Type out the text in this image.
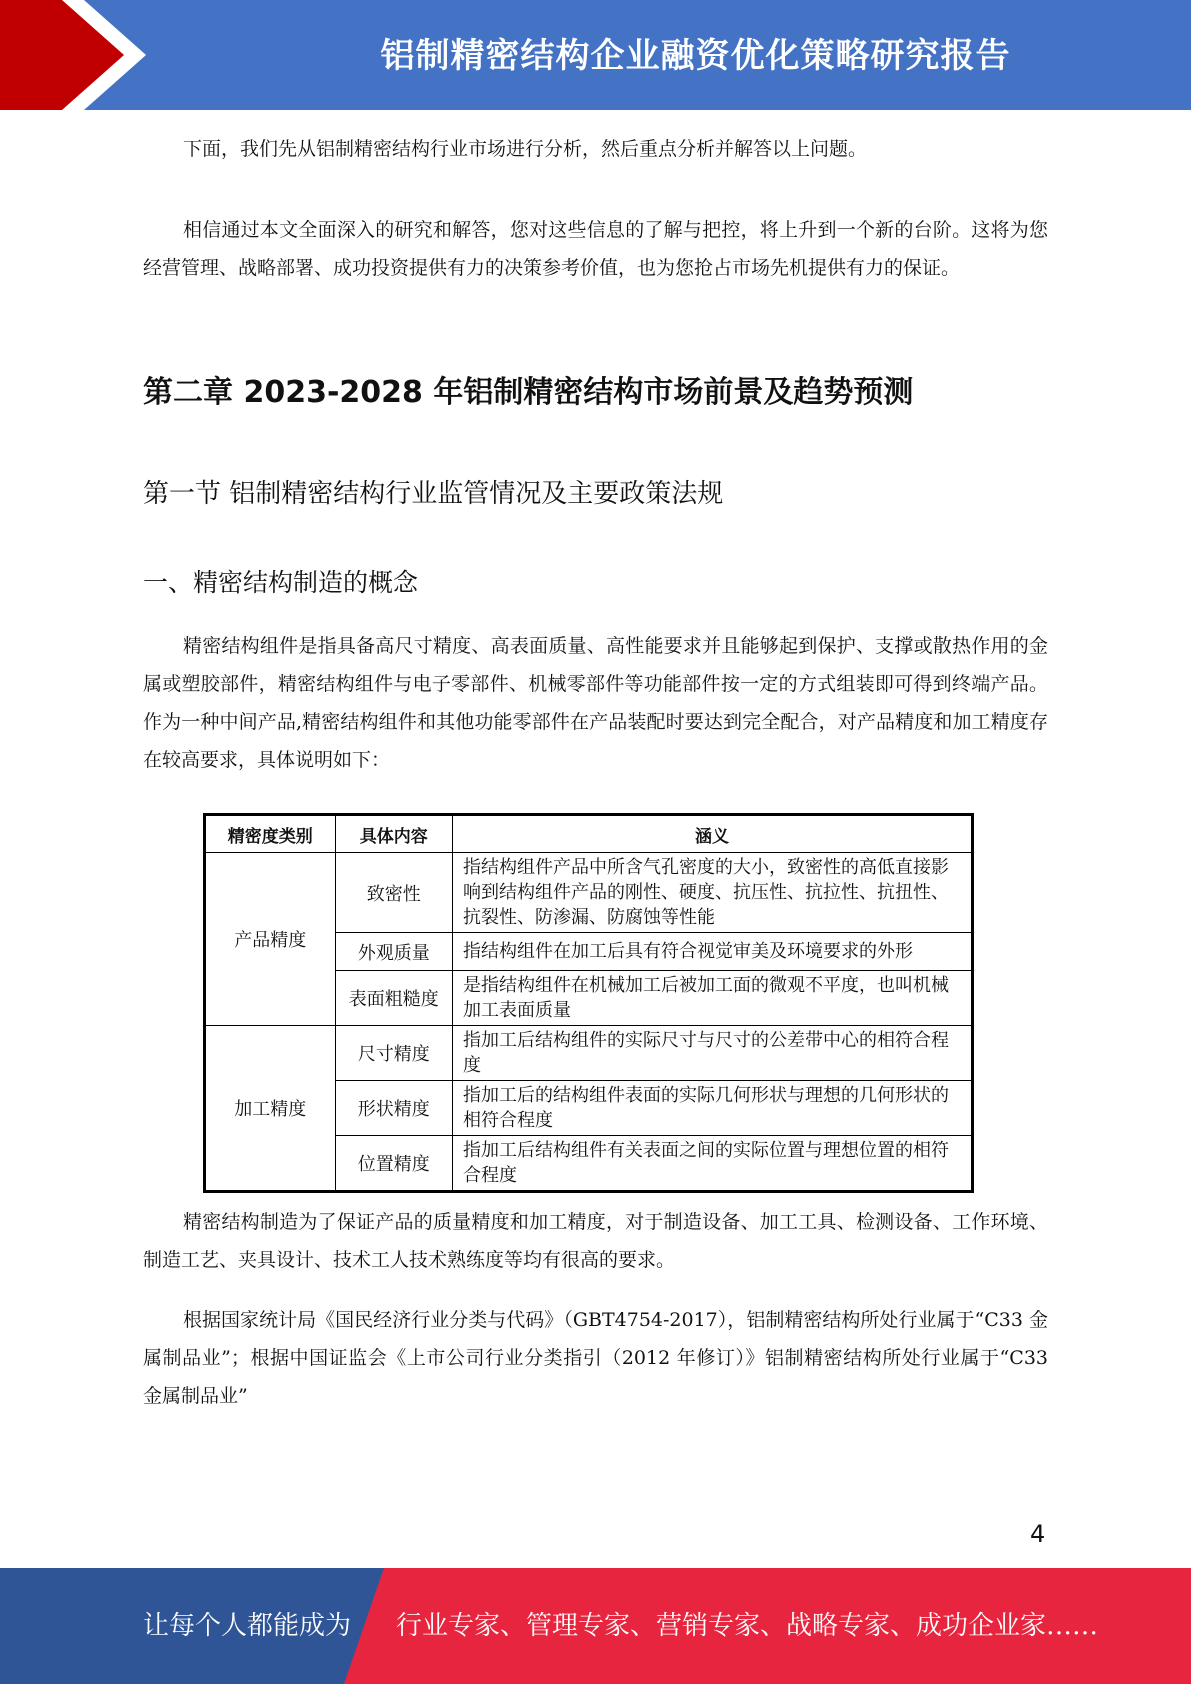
铝制精密结构企业融资优化策略研究报告

下面，我们先从铝制精密结构行业市场进行分析，然后重点分析并解答以上问题。

相信通过本文全面深入的研究和解答，您对这些信息的了解与把控，将上升到一个新的台阶。这将为您经营管理、战略部署、成功投资提供有力的决策参考价值，也为您抢占市场先机提供有力的保证。

第二章 2023-2028 年铝制精密结构市场前景及趋势预测
第一节 铝制精密结构行业监管情况及主要政策法规
一、精密结构制造的概念

精密结构组件是指具备高尺寸精度、高表面质量、高性能要求并且能够起到保护、支撑或散热作用的金属或塑胶部件，精密结构组件与电子零部件、机械零部件等功能部件按一定的方式组装即可得到终端产品。作为一种中间产品,精密结构组件和其他功能零部件在产品装配时要达到完全配合，对产品精度和加工精度存在较高要求，具体说明如下：

精密度类别	具体内容	涵义
产品精度	致密性	指结构组件产品中所含气孔密度的大小，致密性的高低直接影响到结构组件产品的刚性、硬度、抗压性、抗拉性、抗扭性、抗裂性、防渗漏、防腐蚀等性能
	外观质量	指结构组件在加工后具有符合视觉审美及环境要求的外形
	表面粗糙度	是指结构组件在机械加工后被加工面的微观不平度，也叫机械加工表面质量
加工精度	尺寸精度	指加工后结构组件的实际尺寸与尺寸的公差带中心的相符合程度
	形状精度	指加工后的结构组件表面的实际几何形状与理想的几何形状的相符合程度
	位置精度	指加工后结构组件有关表面之间的实际位置与理想位置的相符合程度

精密结构制造为了保证产品的质量精度和加工精度，对于制造设备、加工工具、检测设备、工作环境、制造工艺、夹具设计、技术工人技术熟练度等均有很高的要求。

根据国家统计局《国民经济行业分类与代码》（GBT4754-2017），铝制精密结构所处行业属于“C33 金属制品业”；根据中国证监会《上市公司行业分类指引（2012 年修订）》铝制精密结构所处行业属于“C33 金属制品业”

4
让每个人都能成为 行业专家、管理专家、营销专家、战略专家、成功企业家……
